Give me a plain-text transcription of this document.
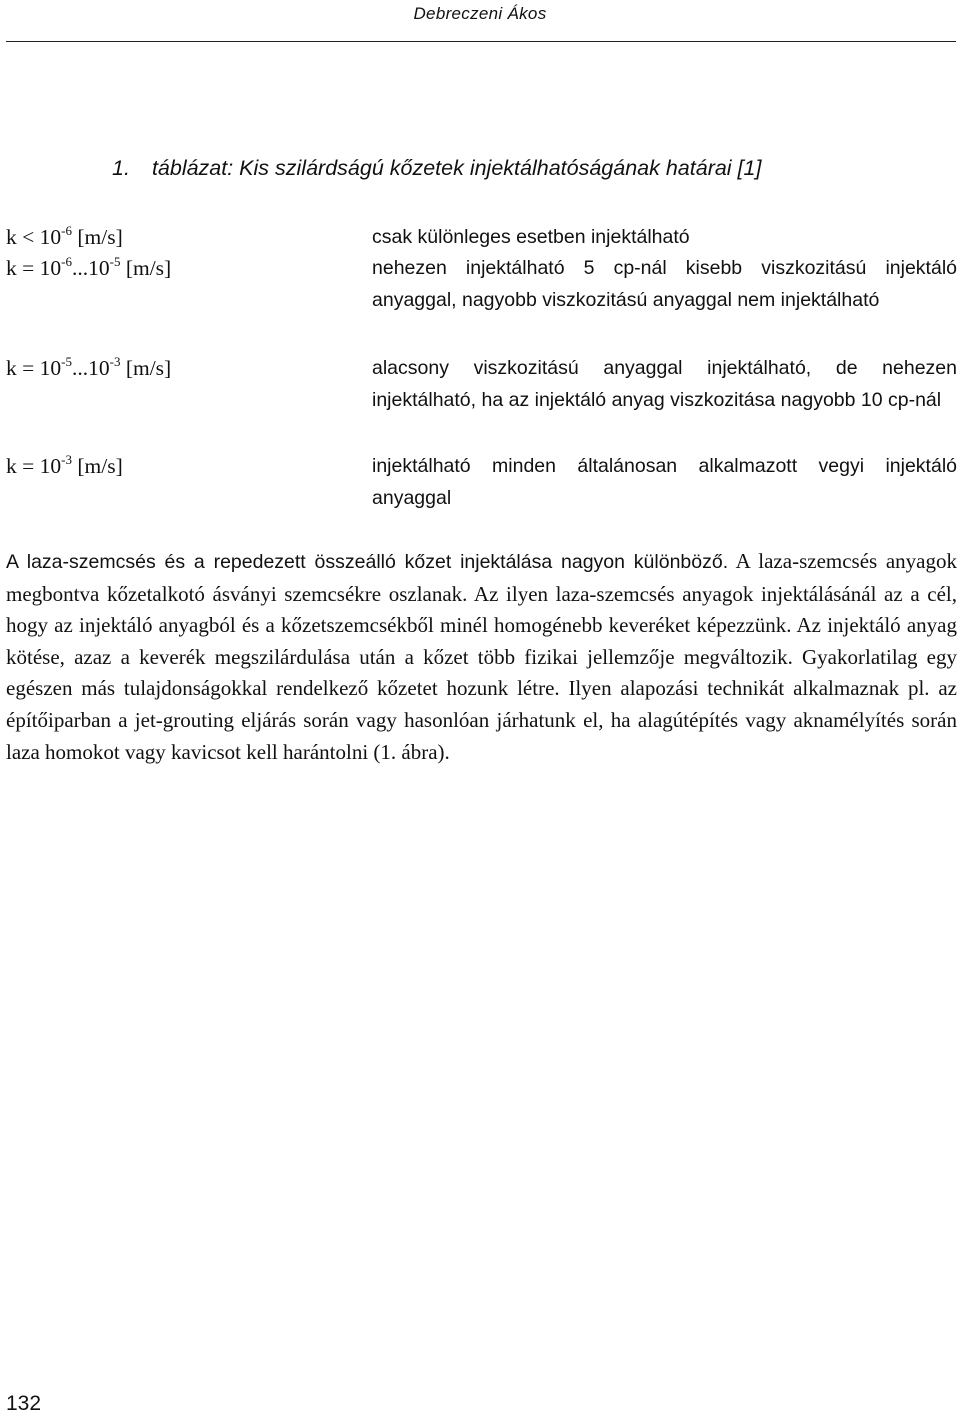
Debreczeni Ákos
1. táblázat: Kis szilárdságú kőzetek injektálhatóságának határai [1]
$k < 10^{-6}$ [m/s]	csak különleges esetben injektálható
$k = 10^{-6}...10^{-5}$ [m/s]	nehezen injektálható 5 cp-nál kisebb viszkozitású injektáló anyaggal, nagyobb viszkozitású anyaggal nem injektálható
$k = 10^{-5}...10^{-3}$ [m/s]	alacsony viszkozitású anyaggal injektálható, de nehezen injektálható, ha az injektáló anyag viszkozitása nagyobb 10 cp-nál
$k = 10^{-3}$ [m/s]	injektálható minden általánosan alkalmazott vegyi injektáló anyaggal
A laza-szemcsés és a repedezett összeálló kőzet injektálása nagyon különböző. A laza-szemcsés anyagok megbontva kőzetalkotó ásványi szemcsékre oszlanak. Az ilyen laza-szemcsés anyagok injektálásánál az a cél, hogy az injektáló anyagból és a kőzetszemcsékből minél homogénebb keveréket képezzünk. Az injektáló anyag kötése, azaz a keverék megszilárdulása után a kőzet több fizikai jellemzője megváltozik. Gyakorlatilag egy egészen más tulajdonságokkal rendelkező kőzetet hozunk létre. Ilyen alapozási technikát alkalmaznak pl. az építőiparban a jet-grouting eljárás során vagy hasonlóan járhatunk el, ha alagútépítés vagy aknamélyítés során laza homokot vagy kavicsot kell harántolni (1. ábra).
132
